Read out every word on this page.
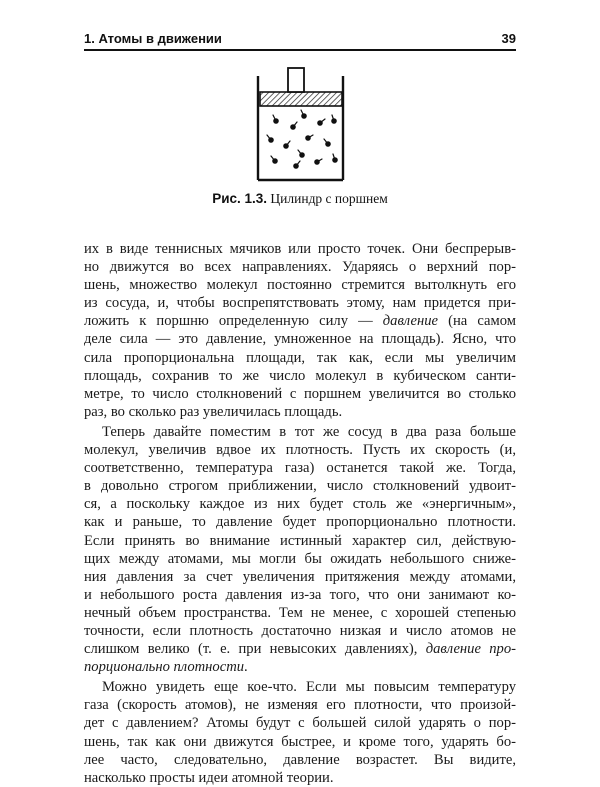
1. Атомы в движении	39
Рис. 1.3. Цилиндр с поршнем
их в виде теннисных мячиков или просто точек. Они беспрерыв-
но движутся во всех направлениях. Ударяясь о верхний пор-
шень, множество молекул постоянно стремится вытолкнуть его
из сосуда, и, чтобы воспрепятствовать этому, нам придется при-
ложить к поршню определенную силу — давление (на самом
деле сила — это давление, умноженное на площадь). Ясно, что
сила пропорциональна площади, так как, если мы увеличим
площадь, сохранив то же число молекул в кубическом санти-
метре, то число столкновений с поршнем увеличится во столько
раз, во сколько раз увеличилась площадь.
Теперь давайте поместим в тот же сосуд в два раза больше
молекул, увеличив вдвое их плотность. Пусть их скорость (и,
соответственно, температура газа) останется такой же. Тогда,
в довольно строгом приближении, число столкновений удвоит-
ся, а поскольку каждое из них будет столь же «энергичным»,
как и раньше, то давление будет пропорционально плотности.
Если принять во внимание истинный характер сил, действую-
щих между атомами, мы могли бы ожидать небольшого сниже-
ния давления за счет увеличения притяжения между атомами,
и небольшого роста давления из-за того, что они занимают ко-
нечный объем пространства. Тем не менее, с хорошей степенью
точности, если плотность достаточно низкая и число атомов не
слишком велико (т. е. при невысоких давлениях), давление про-
порционально плотности.
Можно увидеть еще кое-что. Если мы повысим температуру
газа (скорость атомов), не изменяя его плотности, что произой-
дет с давлением? Атомы будут с большей силой ударять о пор-
шень, так как они движутся быстрее, и кроме того, ударять бо-
лее часто, следовательно, давление возрастет. Вы видите,
насколько просты идеи атомной теории.
